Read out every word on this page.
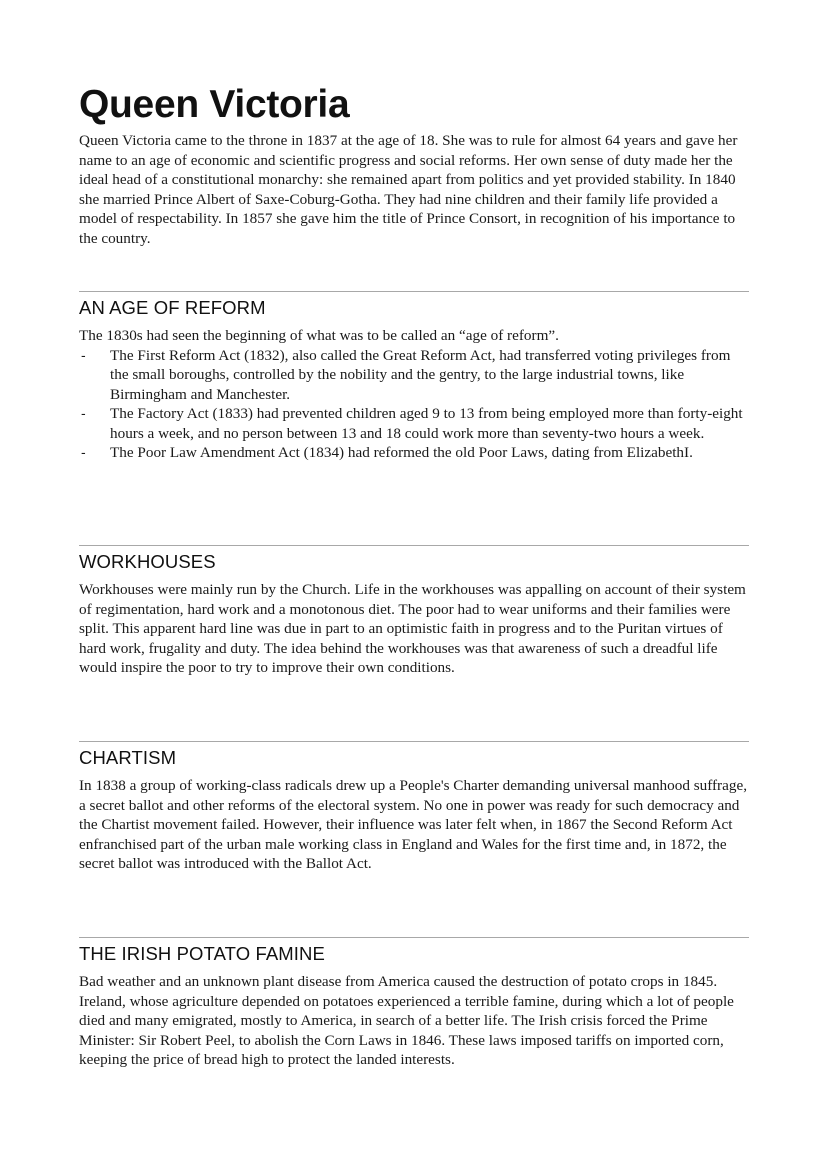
Queen Victoria

Queen Victoria came to the throne in 1837 at the age of 18. She was to rule for almost 64 years and gave her name to an age of economic and scientific progress and social reforms. Her own sense of duty made her the ideal head of a constitutional monarchy: she remained apart from politics and yet provided stability. In 1840 she married Prince Albert of Saxe-Coburg-Gotha. They had nine children and their family life provided a model of respectability. In 1857 she gave him the title of Prince Consort, in recognition of his importance to the country.

AN AGE OF REFORM

The 1830s had seen the beginning of what was to be called an “age of reform”.

- The First Reform Act (1832), also called the Great Reform Act, had transferred voting privileges from the small boroughs, controlled by the nobility and the gentry, to the large industrial towns, like Birmingham and Manchester.
- The Factory Act (1833) had prevented children aged 9 to 13 from being employed more than forty-eight hours a week, and no person between 13 and 18 could work more than seventy-two hours a week.
- The Poor Law Amendment Act (1834) had reformed the old Poor Laws, dating from ElizabethI.
WORKHOUSES

Workhouses were mainly run by the Church. Life in the workhouses was appalling on account of their system of regimentation, hard work and a monotonous diet. The poor had to wear uniforms and their families were split. This apparent hard line was due in part to an optimistic faith in progress and to the Puritan virtues of hard work, frugality and duty. The idea behind the workhouses was that awareness of such a dreadful life would inspire the poor to try to improve their own conditions.

CHARTISM

In 1838 a group of working-class radicals drew up a People's Charter demanding universal manhood suffrage, a secret ballot and other reforms of the electoral system. No one in power was ready for such democracy and the Chartist movement failed. However, their influence was later felt when, in 1867 the Second Reform Act enfranchised part of the urban male working class in England and Wales for the first time and, in 1872, the secret ballot was introduced with the Ballot Act.

THE IRISH POTATO FAMINE

Bad weather and an unknown plant disease from America caused the destruction of potato crops in 1845. Ireland, whose agriculture depended on potatoes experienced a terrible famine, during which a lot of people died and many emigrated, mostly to America, in search of a better life. The Irish crisis forced the Prime Minister: Sir Robert Peel, to abolish the Corn Laws in 1846. These laws imposed tariffs on imported corn, keeping the price of bread high to protect the landed interests.
